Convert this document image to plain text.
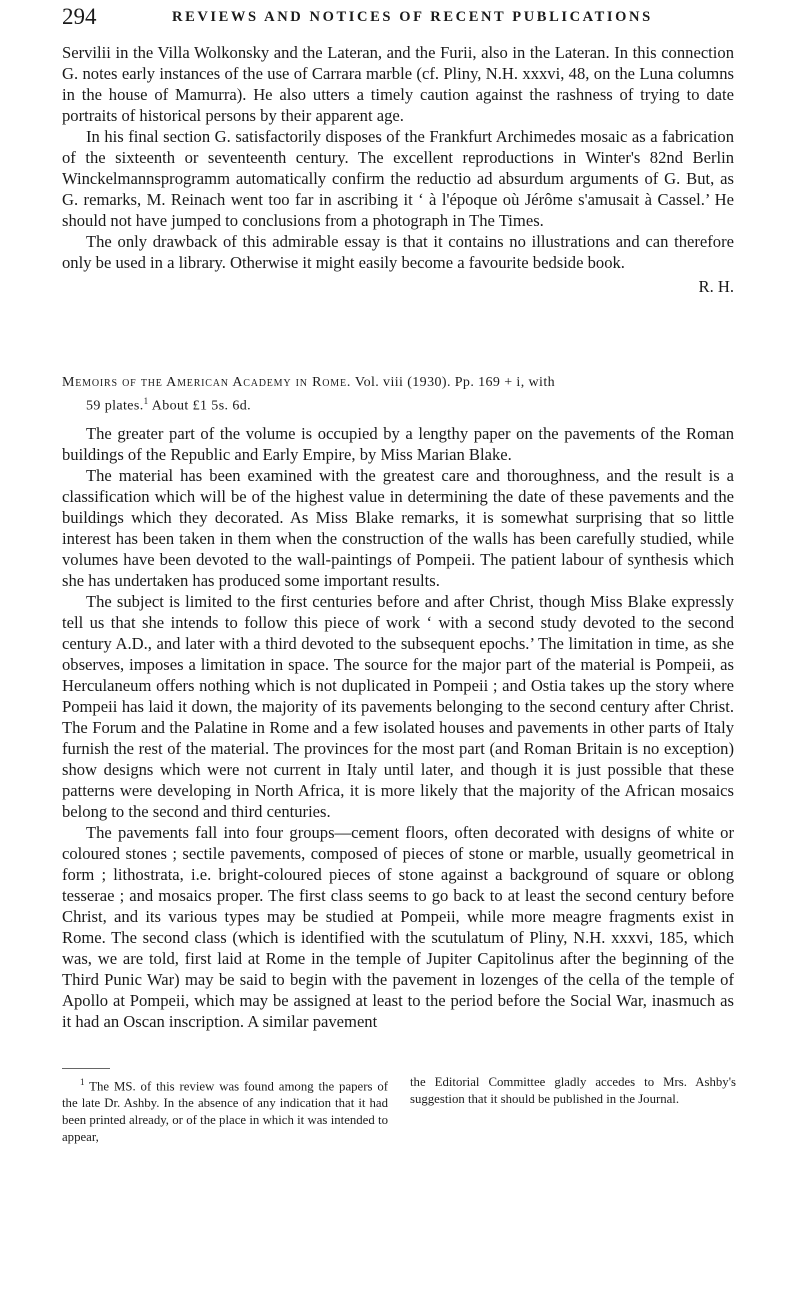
294	REVIEWS AND NOTICES OF RECENT PUBLICATIONS

Servilii in the Villa Wolkonsky and the Lateran, and the Furii, also in the Lateran. In this connection G. notes early instances of the use of Carrara marble (cf. Pliny, N.H. xxxvi, 48, on the Luna columns in the house of Mamurra). He also utters a timely caution against the rashness of trying to date portraits of historical persons by their apparent age.

In his final section G. satisfactorily disposes of the Frankfurt Archimedes mosaic as a fabrication of the sixteenth or seventeenth century. The excellent reproductions in Winter's 82nd Berlin Winckelmannsprogramm automatically confirm the reductio ad absurdum arguments of G. But, as G. remarks, M. Reinach went too far in ascribing it ‘ à l'époque où Jérôme s'amusait à Cassel.’ He should not have jumped to conclusions from a photograph in The Times.

The only drawback of this admirable essay is that it contains no illustrations and can therefore only be used in a library. Otherwise it might easily become a favourite bedside book.

R. H.
Memoirs of the American Academy in Rome. Vol. viii (1930). Pp. 169 + i, with
59 plates.$^1$ About £1 5s. 6d.

The greater part of the volume is occupied by a lengthy paper on the pavements of the Roman buildings of the Republic and Early Empire, by Miss Marian Blake.

The material has been examined with the greatest care and thoroughness, and the result is a classification which will be of the highest value in determining the date of these pavements and the buildings which they decorated. As Miss Blake remarks, it is somewhat surprising that so little interest has been taken in them when the construction of the walls has been carefully studied, while volumes have been devoted to the wall-paintings of Pompeii. The patient labour of synthesis which she has undertaken has produced some important results.

The subject is limited to the first centuries before and after Christ, though Miss Blake expressly tell us that she intends to follow this piece of work ‘ with a second study devoted to the second century A.D., and later with a third devoted to the subsequent epochs.’ The limitation in time, as she observes, imposes a limitation in space. The source for the major part of the material is Pompeii, as Herculaneum offers nothing which is not duplicated in Pompeii ; and Ostia takes up the story where Pompeii has laid it down, the majority of its pavements belonging to the second century after Christ. The Forum and the Palatine in Rome and a few isolated houses and pavements in other parts of Italy furnish the rest of the material. The provinces for the most part (and Roman Britain is no exception) show designs which were not current in Italy until later, and though it is just possible that these patterns were developing in North Africa, it is more likely that the majority of the African mosaics belong to the second and third centuries.

The pavements fall into four groups—cement floors, often decorated with designs of white or coloured stones ; sectile pavements, composed of pieces of stone or marble, usually geometrical in form ; lithostrata, i.e. bright-coloured pieces of stone against a background of square or oblong tesserae ; and mosaics proper. The first class seems to go back to at least the second century before Christ, and its various types may be studied at Pompeii, while more meagre fragments exist in Rome. The second class (which is identified with the scutulatum of Pliny, N.H. xxxvi, 185, which was, we are told, first laid at Rome in the temple of Jupiter Capitolinus after the beginning of the Third Punic War) may be said to begin with the pavement in lozenges of the cella of the temple of Apollo at Pompeii, which may be assigned at least to the period before the Social War, inasmuch as it had an Oscan inscription. A similar pavement

$^1$ The MS. of this review was found among the papers of the late Dr. Ashby. In the absence of any indication that it had been printed already, or of the place in which it was intended to appear,
the Editorial Committee gladly accedes to Mrs. Ashby's suggestion that it should be published in the Journal.
